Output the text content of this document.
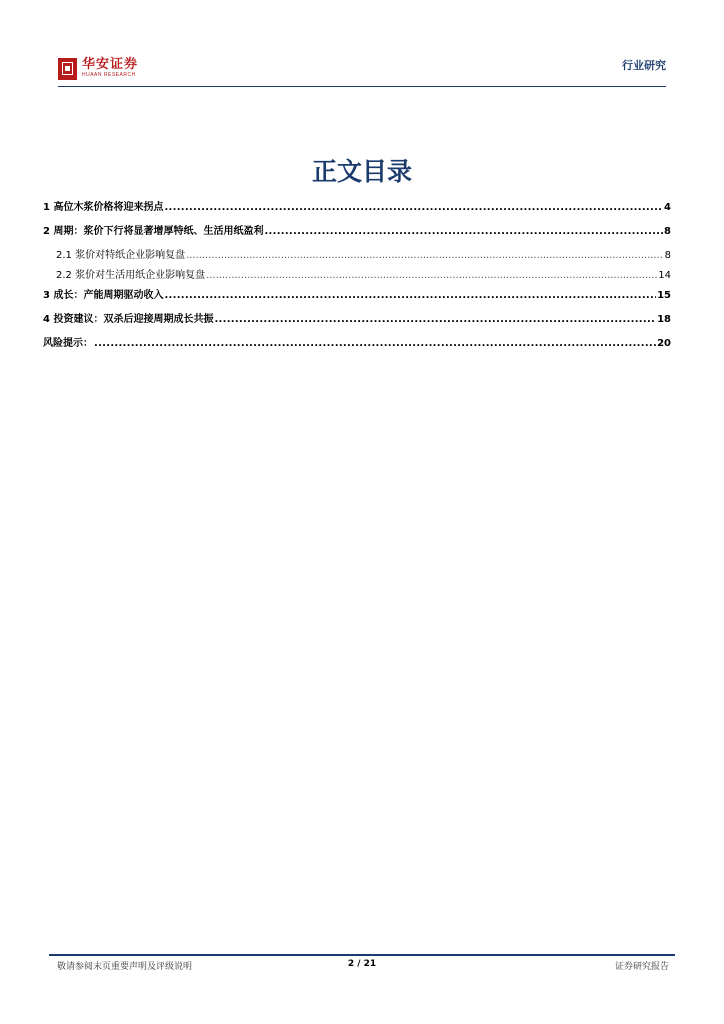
华安证券
HUAAN RESEARCH
行业研究
正文目录
1 高位木浆价格将迎来拐点 . . .	4
2 周期：浆价下行将显著增厚特纸、生活用纸盈利 . . .	8
2.1 浆价对特纸企业影响复盘 . . .	8
2.2 浆价对生活用纸企业影响复盘 . . .	14
3 成长：产能周期驱动收入 . . .	15
4 投资建议：双杀后迎接周期成长共振 . . .	18
风险提示： . . .	20
敬请参阅末页重要声明及评级说明	2 / 21	证券研究报告
